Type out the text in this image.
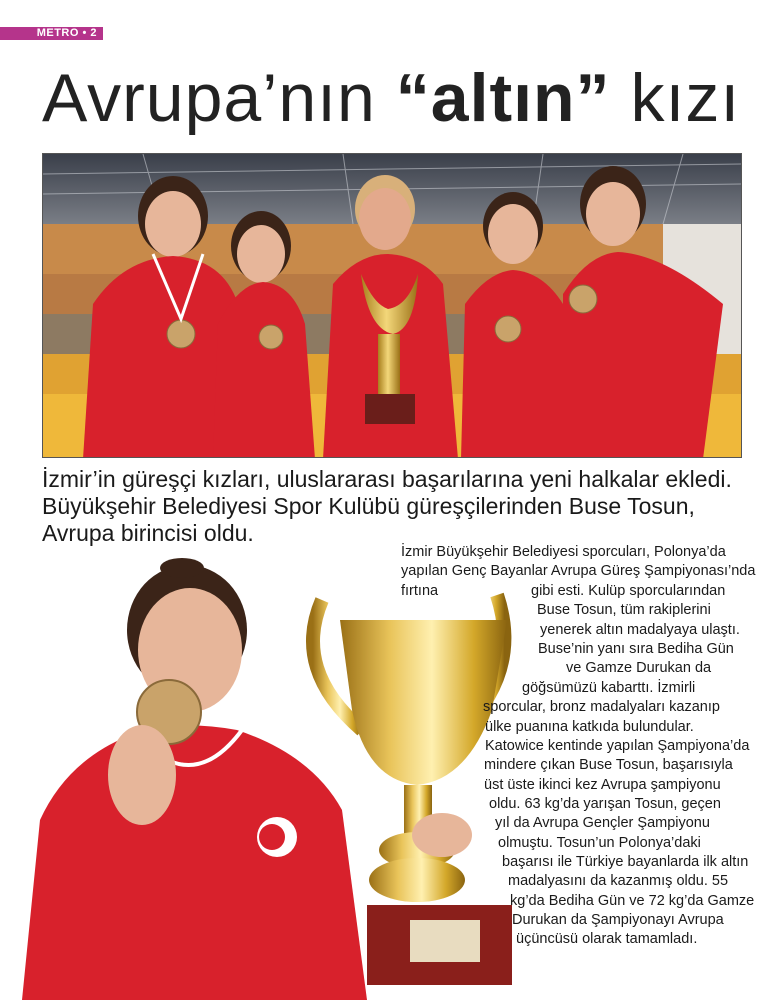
METRO • 2
Avrupa’nın “altın” kızı
İzmir’in güreşçi kızları, uluslararası başarılarına yeni halkalar ekledi. Büyükşehir Belediyesi Spor Kulübü güreşçilerinden Buse Tosun, Avrupa birincisi oldu.
İzmir Büyükşehir Belediyesi sporcuları, Polonya’da
yapılan Genç Bayanlar Avrupa Güreş Şampiyonası’nda
fırtına	gibi esti. Kulüp sporcularından
Buse Tosun, tüm rakiplerini
yenerek altın madalyaya ulaştı.
Buse’nin yanı sıra Bediha Gün
ve Gamze Durukan da
göğsümüzü kabarttı. İzmirli
sporcular, bronz madalyaları kazanıp
ülke puanına katkıda bulundular.
Katowice kentinde yapılan Şampiyona’da
mindere çıkan Buse Tosun, başarısıyla
üst üste ikinci kez Avrupa şampiyonu
oldu. 63 kg’da yarışan Tosun, geçen
yıl da Avrupa Gençler Şampiyonu
olmuştu. Tosun’un Polonya’daki
başarısı ile Türkiye bayanlarda ilk altın
madalyasını da kazanmış oldu. 55
kg’da Bediha Gün ve 72 kg’da Gamze
Durukan da Şampiyonayı Avrupa
üçüncüsü olarak tamamladı.
